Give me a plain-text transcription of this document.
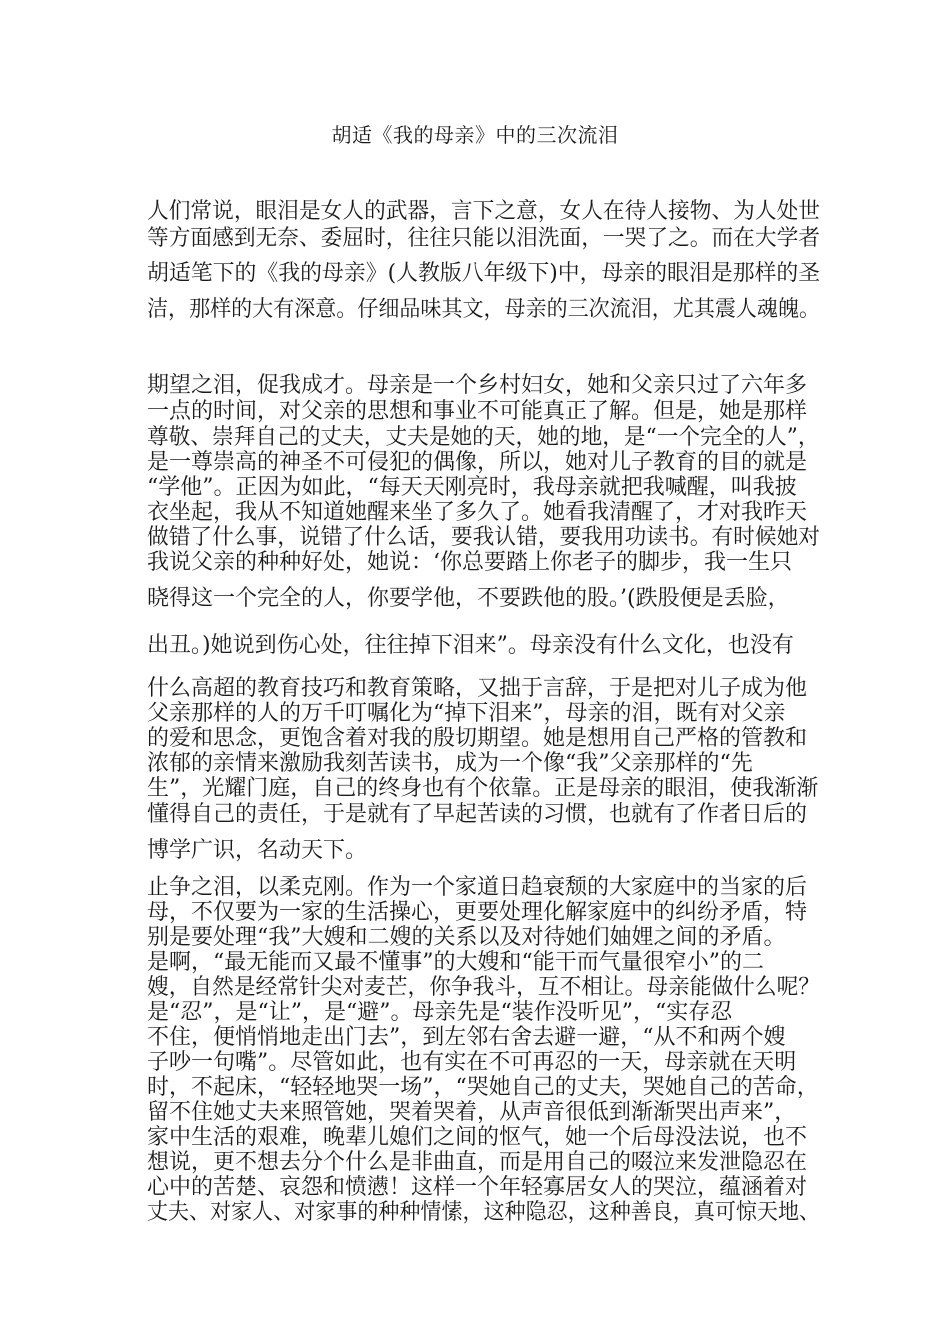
胡适《我的母亲》中的三次流泪
人们常说，眼泪是女人的武器，言下之意，女人在待人接物、为人处世
等方面感到无奈、委屈时，往往只能以泪洗面，一哭了之。而在大学者
胡适笔下的《我的母亲》(人教版八年级下)中，母亲的眼泪是那样的圣
洁，那样的大有深意。仔细品味其文，母亲的三次流泪，尤其震人魂魄。
期望之泪，促我成才。母亲是一个乡村妇女，她和父亲只过了六年多
一点的时间，对父亲的思想和事业不可能真正了解。但是，她是那样
尊敬、崇拜自己的丈夫，丈夫是她的天，她的地，是“一个完全的人”，
是一尊崇高的神圣不可侵犯的偶像，所以，她对儿子教育的目的就是
“学他”。正因为如此，“每天天刚亮时，我母亲就把我喊醒，叫我披
衣坐起，我从不知道她醒来坐了多久了。她看我清醒了，才对我昨天
做错了什么事，说错了什么话，要我认错，要我用功读书。有时候她对
我说父亲的种种好处，她说：‘你总要踏上你老子的脚步，我一生只
晓得这一个完全的人，你要学他，不要跌他的股。’(跌股便是丢脸，
出丑。)她说到伤心处，往往掉下泪来”。母亲没有什么文化，也没有
什么高超的教育技巧和教育策略，又拙于言辞，于是把对儿子成为他
父亲那样的人的万千叮嘱化为“掉下泪来”，母亲的泪，既有对父亲
的爱和思念，更饱含着对我的殷切期望。她是想用自己严格的管教和
浓郁的亲情来激励我刻苦读书，成为一个像“我”父亲那样的“先
生”，光耀门庭，自己的终身也有个依靠。正是母亲的眼泪，使我渐渐
懂得自己的责任，于是就有了早起苦读的习惯，也就有了作者日后的
博学广识，名动天下。
止争之泪，以柔克刚。作为一个家道日趋衰颓的大家庭中的当家的后
母，不仅要为一家的生活操心，更要处理化解家庭中的纠纷矛盾，特
别是要处理“我”大嫂和二嫂的关系以及对待她们妯娌之间的矛盾。
是啊，“最无能而又最不懂事”的大嫂和“能干而气量很窄小”的二
嫂，自然是经常针尖对麦芒，你争我斗，互不相让。母亲能做什么呢？
是“忍”，是“让”，是“避”。母亲先是“装作没听见”，“实存忍
不住，便悄悄地走出门去”，到左邻右舍去避一避，“从不和两个嫂
子吵一句嘴”。尽管如此，也有实在不可再忍的一天，母亲就在天明
时，不起床，“轻轻地哭一场”，“哭她自己的丈夫，哭她自己的苦命，
留不住她丈夫来照管她，哭着哭着，从声音很低到渐渐哭出声来”，
家中生活的艰难，晚辈儿媳们之间的怄气，她一个后母没法说，也不
想说，更不想去分个什么是非曲直，而是用自己的啜泣来发泄隐忍在
心中的苦楚、哀怨和愤懑！这样一个年轻寡居女人的哭泣，蕴涵着对
丈夫、对家人、对家事的种种情愫，这种隐忍，这种善良，真可惊天地、
